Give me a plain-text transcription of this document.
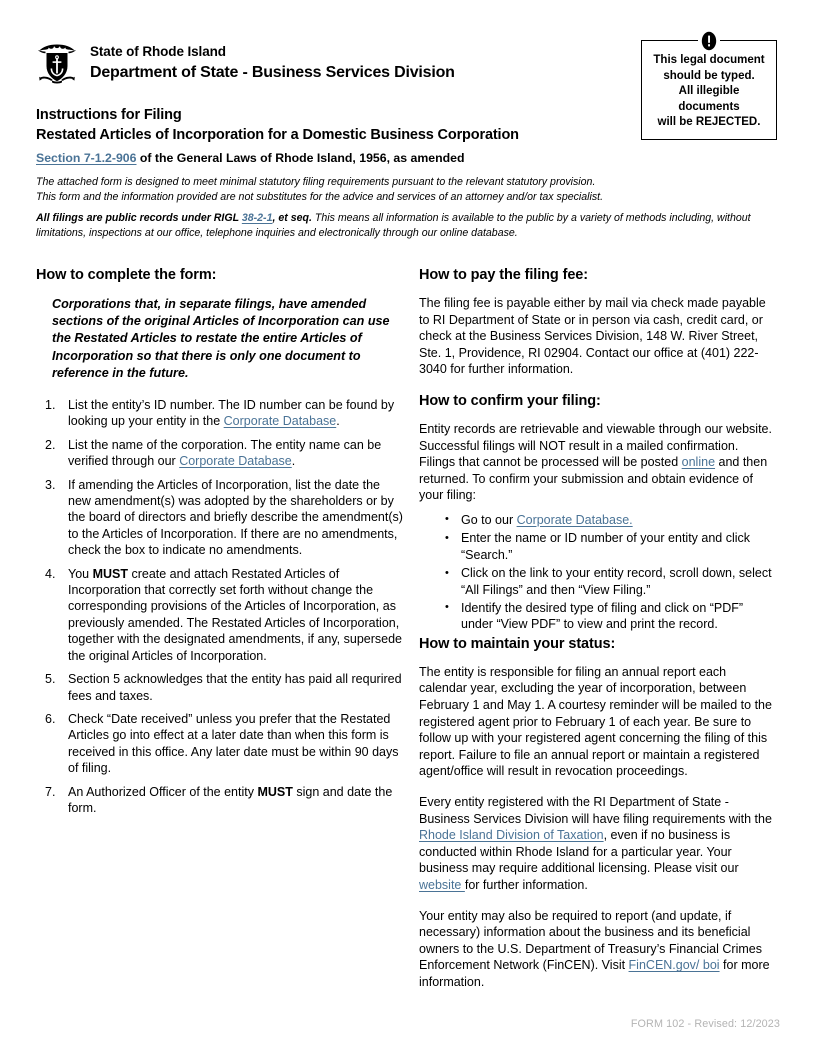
State of Rhode Island
Department of State - Business Services Division
This legal document
should be typed.
All illegible
documents
will be REJECTED.
Instructions for Filing
Restated Articles of Incorporation for a Domestic Business Corporation
Section 7-1.2-906 of the General Laws of Rhode Island, 1956, as amended
The attached form is designed to meet minimal statutory filing requirements pursuant to the relevant statutory provision.
This form and the information provided are not substitutes for the advice and services of an attorney and/or tax specialist.
All filings are public records under RIGL 38-2-1, et seq. This means all information is available to the public by a variety of methods including, without limitations, inspections at our office, telephone inquiries and electronically through our online database.
How to complete the form:

Corporations that, in separate filings, have amended sections of the original Articles of Incorporation can use the Restated Articles to restate the entire Articles of Incorporation so that there is only one document to reference in the future.

List the entity’s ID number. The ID number can be found by looking up your entity in the Corporate Database.
List the name of the corporation. The entity name can be verified through our Corporate Database.
If amending the Articles of Incorporation, list the date the new amendment(s) was adopted by the shareholders or by the board of directors and briefly describe the amendment(s) to the Articles of Incorporation. If there are no amendments, check the box to indicate no amendments.
You MUST create and attach Restated Articles of Incorporation that correctly set forth without change the corresponding provisions of the Articles of Incorporation, as previously amended. The Restated Articles of Incorporation, together with the designated amendments, if any, supersede the original Articles of Incorporation.
Section 5 acknowledges that the entity has paid all requrired fees and taxes.
Check “Date received” unless you prefer that the Restated Articles go into effect at a later date than when this form is received in this office. Any later date must be within 90 days of filing.
An Authorized Officer of the entity MUST sign and date the form.
How to pay the filing fee:

The filing fee is payable either by mail via check made payable to RI Department of State or in person via cash, credit card, or check at the Business Services Division, 148 W. River Street, Ste. 1, Providence, RI 02904. Contact our office at (401) 222-3040 for further information.

How to confirm your filing:

Entity records are retrievable and viewable through our website. Successful filings will NOT result in a mailed confirmation. Filings that cannot be processed will be posted online and then returned. To confirm your submission and obtain evidence of your filing:

• Go to our Corporate Database.
• Enter the name or ID number of your entity and click “Search.”
• Click on the link to your entity record, scroll down, select “All Filings” and then “View Filing.”
• Identify the desired type of filing and click on “PDF” under “View PDF” to view and print the record.
How to maintain your status:

The entity is responsible for filing an annual report each calendar year, excluding the year of incorporation, between February 1 and May 1. A courtesy reminder will be mailed to the registered agent prior to February 1 of each year. Be sure to follow up with your registered agent concerning the filing of this report. Failure to file an annual report or maintain a registered agent/office will result in revocation proceedings.

Every entity registered with the RI Department of State - Business Services Division will have filing requirements with the Rhode Island Division of Taxation, even if no business is conducted within Rhode Island for a particular year. Your business may require additional licensing. Please visit our website for further information.

Your entity may also be required to report (and update, if necessary) information about the business and its beneficial owners to the U.S. Department of Treasury’s Financial Crimes Enforcement Network (FinCEN). Visit FinCEN.gov/ boi for more information.

FORM 102 - Revised: 12/2023
